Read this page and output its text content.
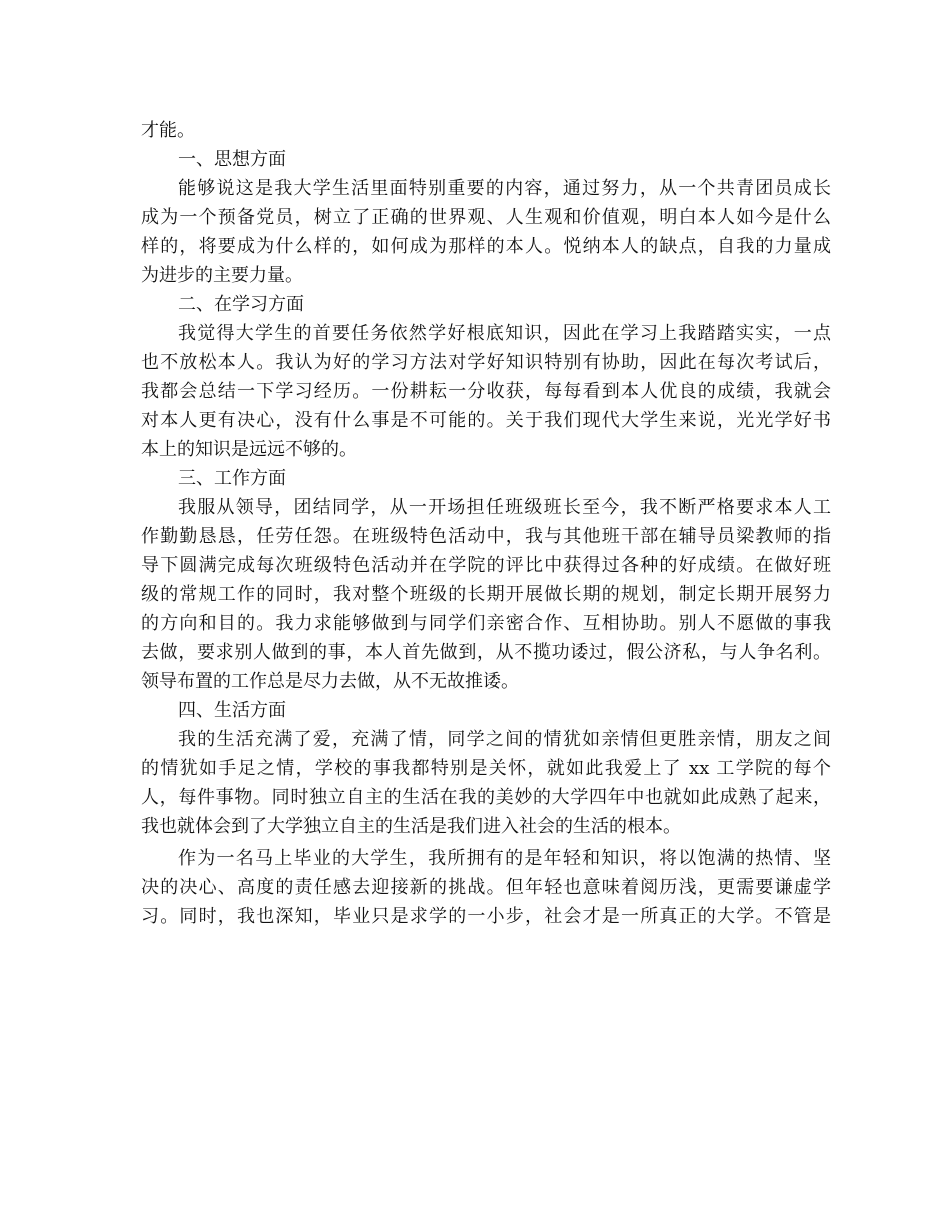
才能。
一、思想方面
能够说这是我大学生活里面特别重要的内容，通过努力，从一个共青团员成长
成为一个预备党员，树立了正确的世界观、人生观和价值观，明白本人如今是什么
样的，将要成为什么样的，如何成为那样的本人。悦纳本人的缺点，自我的力量成
为进步的主要力量。
二、在学习方面
我觉得大学生的首要任务依然学好根底知识，因此在学习上我踏踏实实，一点
也不放松本人。我认为好的学习方法对学好知识特别有协助，因此在每次考试后，
我都会总结一下学习经历。一份耕耘一分收获，每每看到本人优良的成绩，我就会
对本人更有决心，没有什么事是不可能的。关于我们现代大学生来说，光光学好书
本上的知识是远远不够的。
三、工作方面
我服从领导，团结同学，从一开场担任班级班长至今，我不断严格要求本人工
作勤勤恳恳，任劳任怨。在班级特色活动中，我与其他班干部在辅导员梁教师的指
导下圆满完成每次班级特色活动并在学院的评比中获得过各种的好成绩。在做好班
级的常规工作的同时，我对整个班级的长期开展做长期的规划，制定长期开展努力
的方向和目的。我力求能够做到与同学们亲密合作、互相协助。别人不愿做的事我
去做，要求别人做到的事，本人首先做到，从不揽功诿过，假公济私，与人争名利。
领导布置的工作总是尽力去做，从不无故推诿。
四、生活方面
我的生活充满了爱，充满了情，同学之间的情犹如亲情但更胜亲情，朋友之间
的情犹如手足之情，学校的事我都特别是关怀，就如此我爱上了 xx 工学院的每个
人，每件事物。同时独立自主的生活在我的美妙的大学四年中也就如此成熟了起来，
我也就体会到了大学独立自主的生活是我们进入社会的生活的根本。
作为一名马上毕业的大学生，我所拥有的是年轻和知识，将以饱满的热情、坚
决的决心、高度的责任感去迎接新的挑战。但年轻也意味着阅历浅，更需要谦虚学
习。同时，我也深知，毕业只是求学的一小步，社会才是一所真正的大学。不管是
